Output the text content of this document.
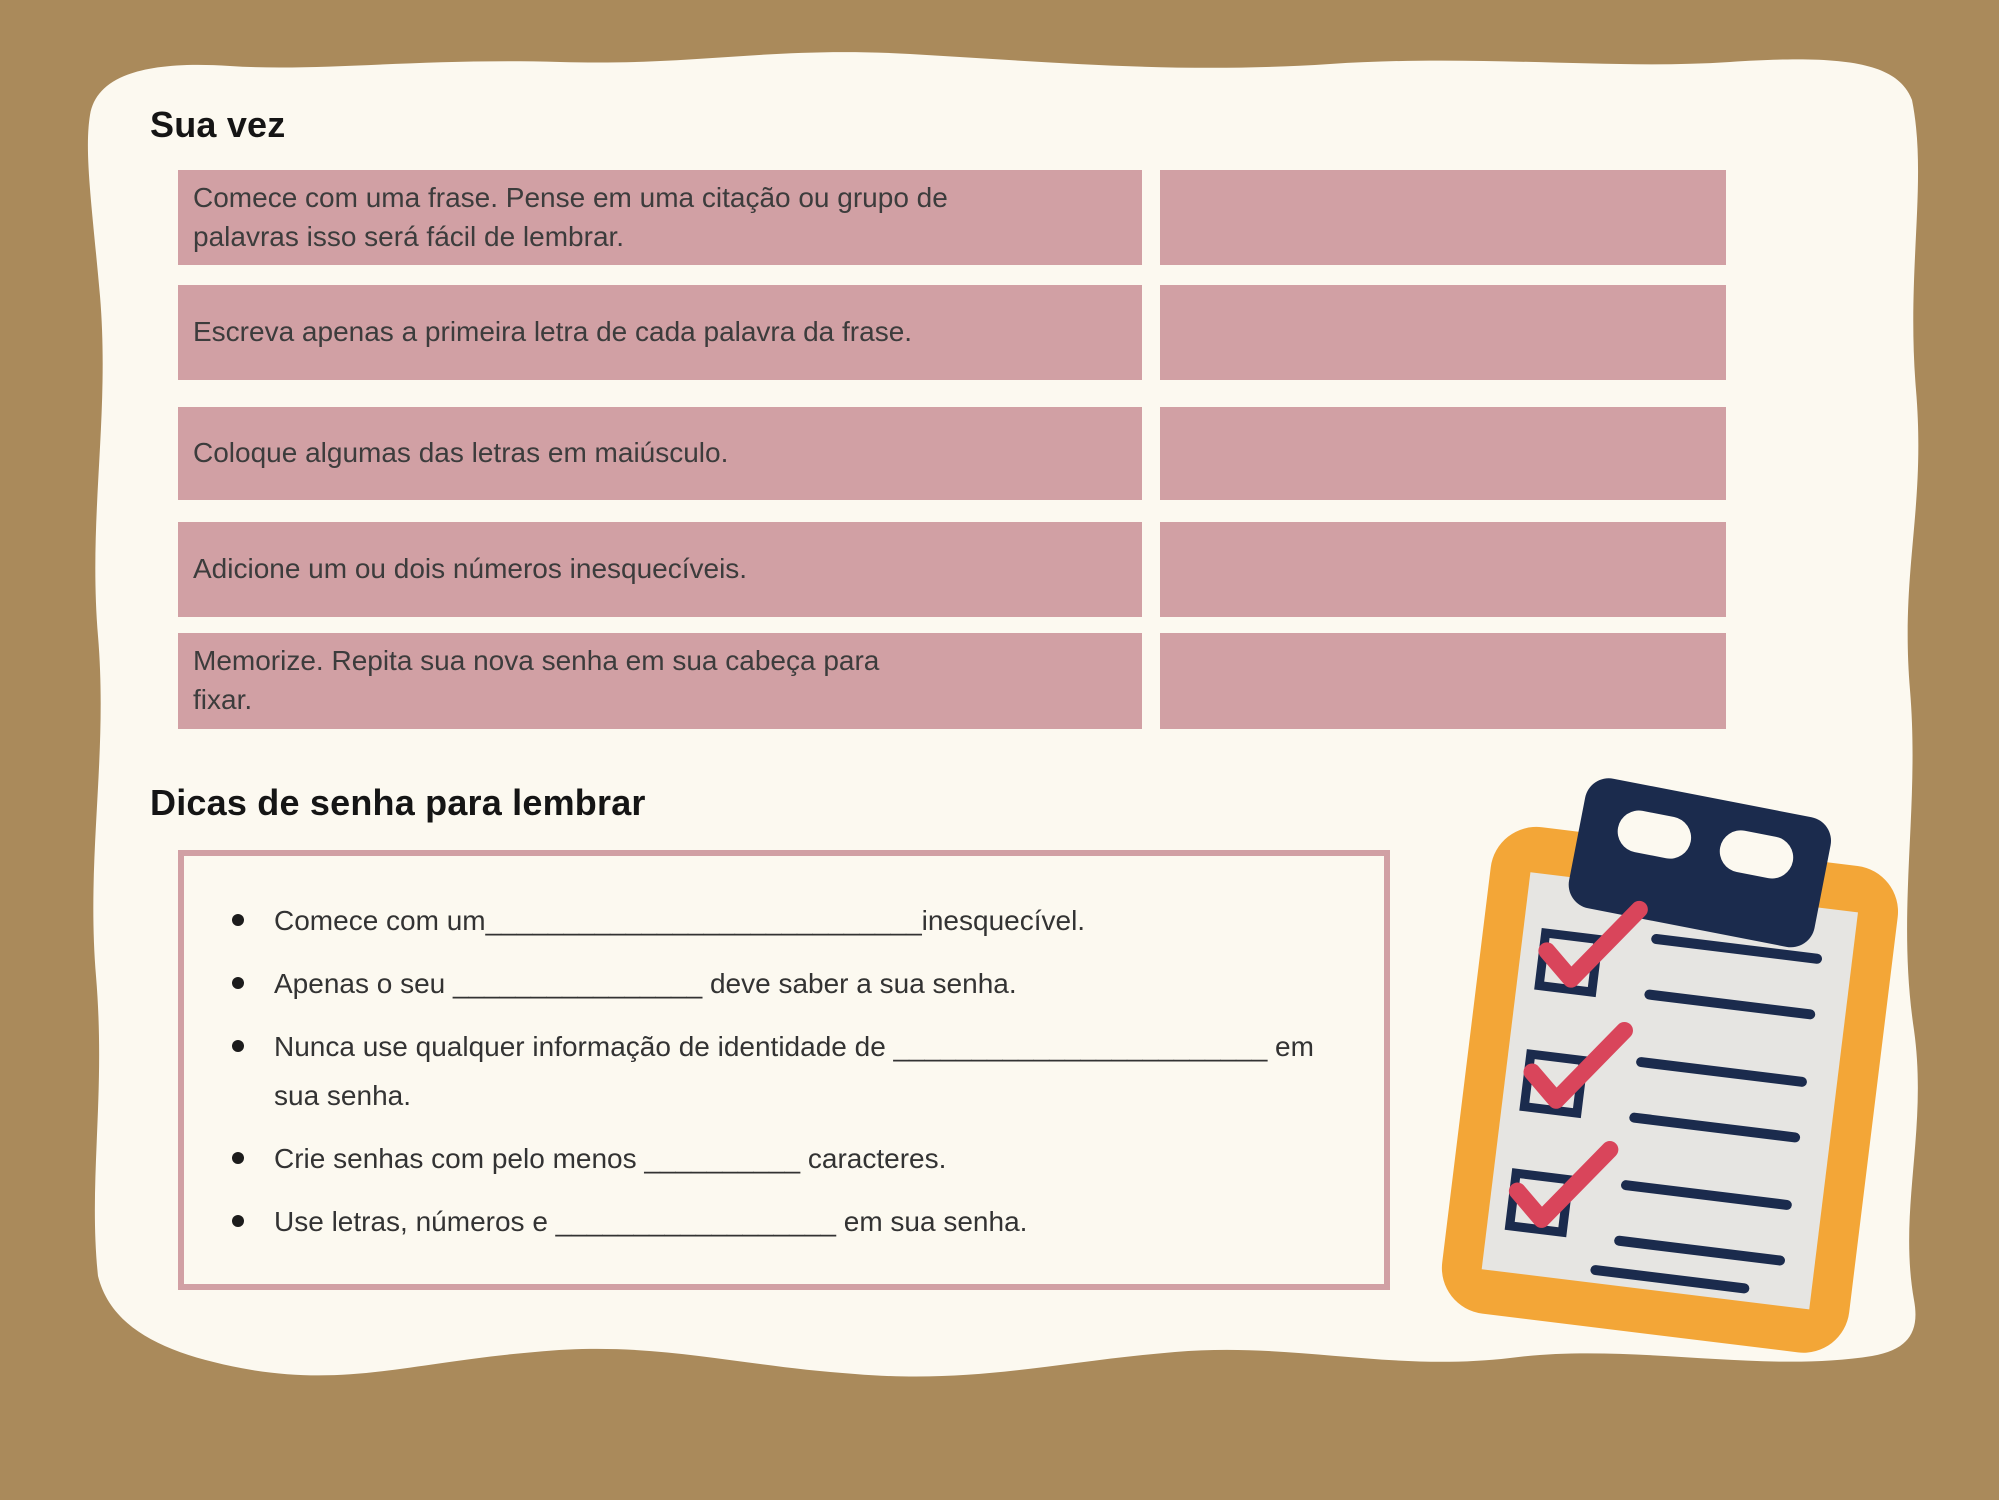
Sua vez
Comece com uma frase. Pense em uma citação ou grupo de palavras isso será fácil de lembrar.
Escreva apenas a primeira letra de cada palavra da frase.
Coloque algumas das letras em maiúsculo.
Adicione um ou dois números inesquecíveis.
Memorize. Repita sua nova senha em sua cabeça para fixar.
Dicas de senha para lembrar
Comece com um____________________________inesquecível.
Apenas o seu ________________ deve saber a sua senha.
Nunca use qualquer informação de identidade de ________________________ em sua senha.
Crie senhas com pelo menos __________ caracteres.
Use letras, números e __________________ em sua senha.
